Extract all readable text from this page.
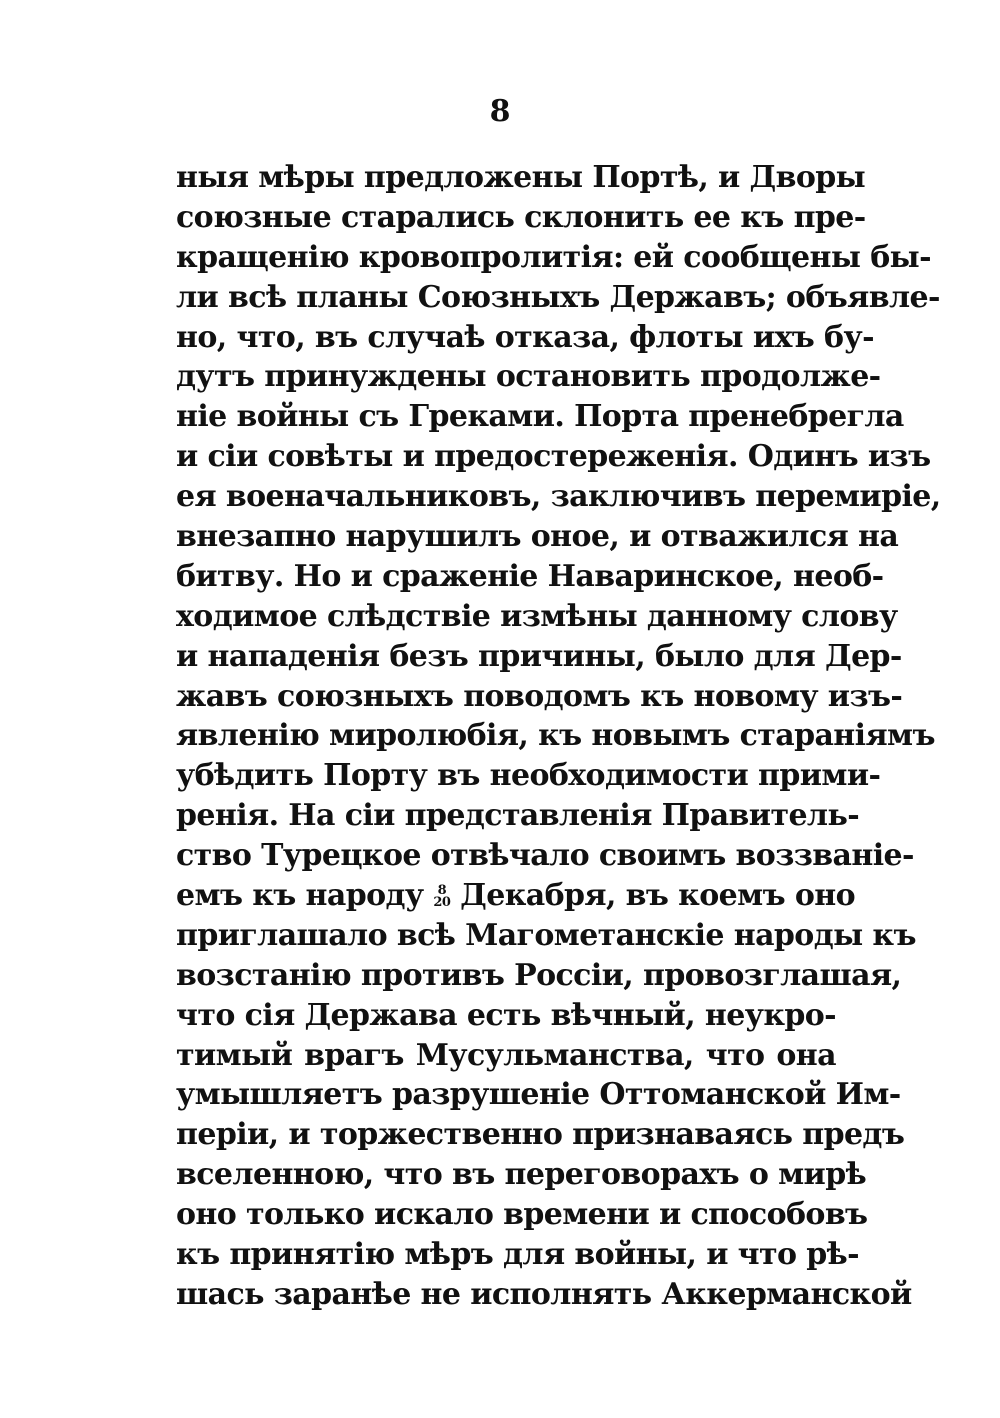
8
ныя мѣры предложены Портѣ, и Дворы
союзные старались склонить ее къ пре-
кращенію кровопролитія: ей сообщены бы-
ли всѣ планы Союзныхъ Державъ; объявле-
но, что, въ случаѣ отказа, флоты ихъ бу-
дутъ принуждены остановить продолже-
ніе войны съ Греками. Порта пренебрегла
и сіи совѣты и предостереженія. Одинъ изъ
ея военачальниковъ, заключивъ перемиріе,
внезапно нарушилъ оное, и отважился на
битву. Но и сраженіе Наваринское, необ-
ходимое слѣдствіе измѣны данному слову
и нападенія безъ причины, было для Дер-
жавъ союзныхъ поводомъ къ новому изъ-
явленію миролюбія, къ новымъ стараніямъ
убѣдить Порту въ необходимости прими-
ренія. На сіи представленія Правитель-
ство Турецкое отвѣчало своимъ воззваніе-
емъ къ народу	8
20 Декабря, въ коемъ оно
приглашало всѣ Магометанскіе народы къ
возстанію противъ Россіи, провозглашая,
что сія Держава есть вѣчный, неукро-
тимый врагъ Мусульманства, что она
умышляетъ разрушеніе Оттоманской Им-
періи, и торжественно признаваясь предъ
вселенною, что въ переговорахъ о мирѣ
оно только искало времени и способовъ
къ принятію мѣръ для войны, и что рѣ-
шась заранѣе не исполнять Аккерманской
